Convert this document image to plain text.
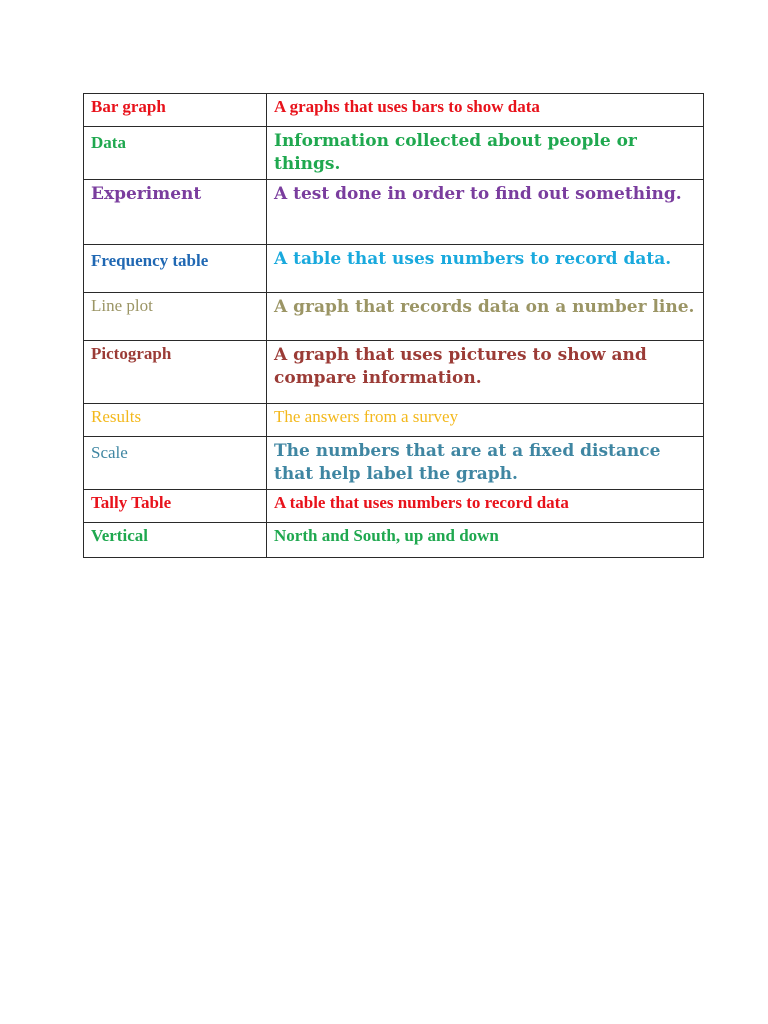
Bar graph	A graphs that uses bars to show data

Data	Information collected about people or things.

Experiment	A test done in order to find out something.

Frequency table	A table that uses numbers to record data.

Line plot	A graph that records data on a number line.

Pictograph	A graph that uses pictures to show and compare information.

Results	The answers from a survey

Scale	The numbers that are at a fixed distance that help label the graph.

Tally Table	A table that uses numbers to record data

Vertical	North and South, up and down
